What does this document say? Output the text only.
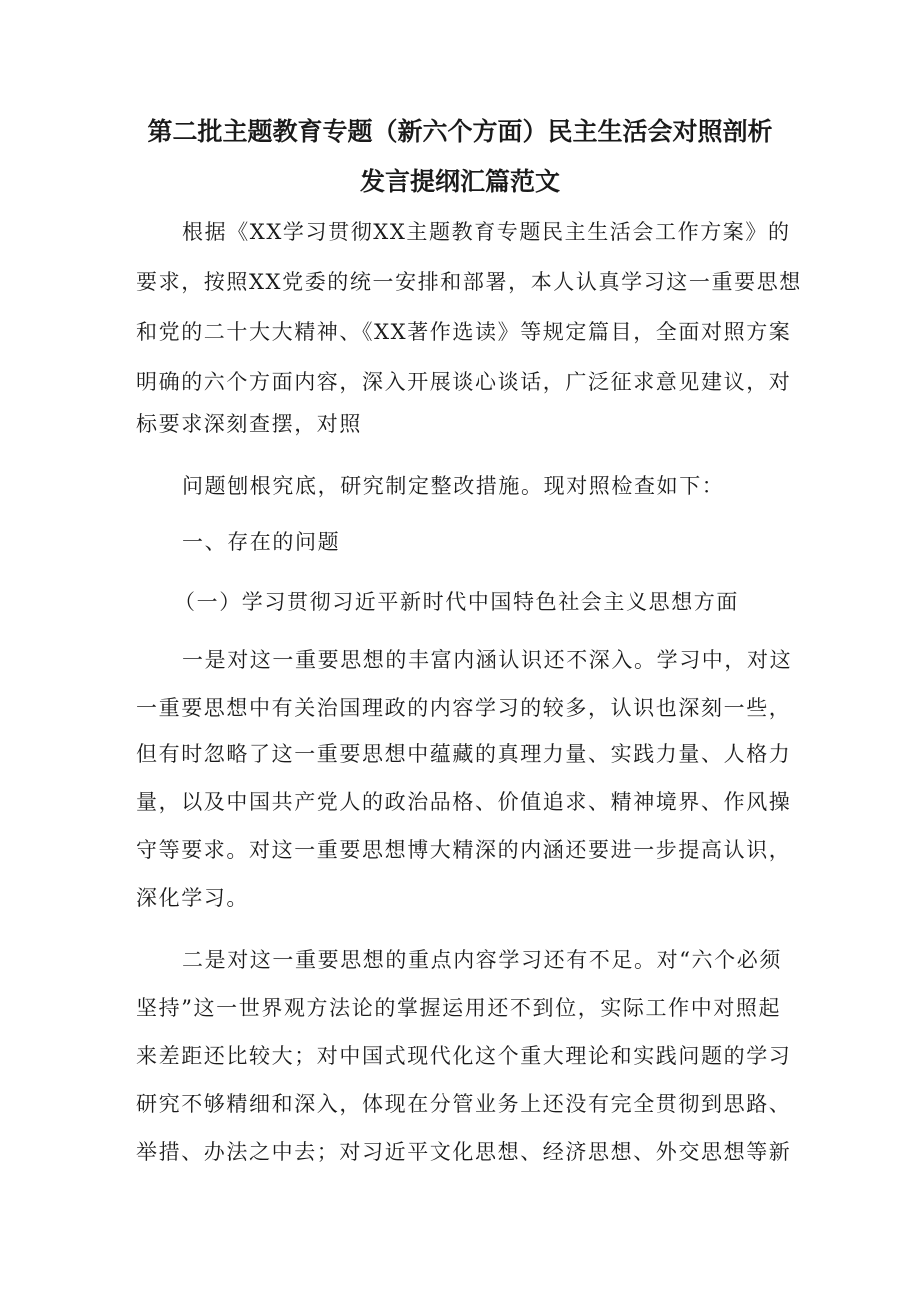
第二批主题教育专题（新六个方面）民主生活会对照剖析
发言提纲汇篇范文

根据《XX学习贯彻XX主题教育专题民主生活会工作方案》的

要求，按照XX党委的统一安排和部署，本人认真学习这一重要思想

和党的二十大大精神、《XX著作选读》等规定篇目，全面对照方案

明确的六个方面内容，深入开展谈心谈话，广泛征求意见建议，对

标要求深刻查摆，对照

问题刨根究底，研究制定整改措施。现对照检查如下：

一、存在的问题

（一）学习贯彻习近平新时代中国特色社会主义思想方面

一是对这一重要思想的丰富内涵认识还不深入。学习中，对这

一重要思想中有关治国理政的内容学习的较多，认识也深刻一些，

但有时忽略了这一重要思想中蕴藏的真理力量、实践力量、人格力

量，以及中国共产党人的政治品格、价值追求、精神境界、作风操

守等要求。对这一重要思想博大精深的内涵还要进一步提高认识，

深化学习。

二是对这一重要思想的重点内容学习还有不足。对“六个必须

坚持”这一世界观方法论的掌握运用还不到位，实际工作中对照起

来差距还比较大；对中国式现代化这个重大理论和实践问题的学习

研究不够精细和深入，体现在分管业务上还没有完全贯彻到思路、

举措、办法之中去；对习近平文化思想、经济思想、外交思想等新
